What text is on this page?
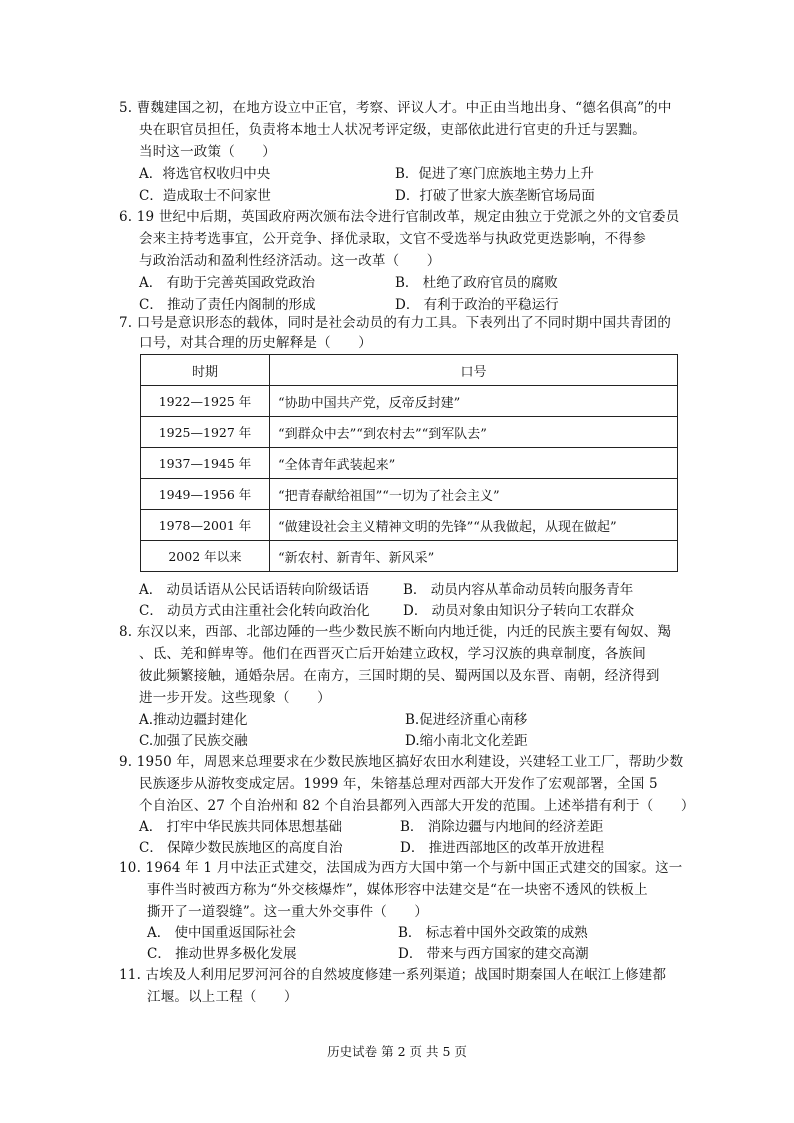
5. 曹魏建国之初，在地方设立中正官，考察、评议人才。中正由当地出身、“德名俱高”的中
央在职官员担任，负责将本地士人状况考评定级，吏部依此进行官吏的升迁与罢黜。
当时这一政策（　　）
A．将选官权收归中央	B．促进了寒门庶族地主势力上升
C．造成取士不问家世	D．打破了世家大族垄断官场局面
6. 19 世纪中后期，英国政府两次颁布法令进行官制改革，规定由独立于党派之外的文官委员
会来主持考选事宜，公开竞争、择优录取，文官不受选举与执政党更迭影响，不得参
与政治活动和盈利性经济活动。这一改革（　　）
A． 有助于完善英国政党政治	B． 杜绝了政府官员的腐败
C． 推动了责任内阁制的形成	D． 有利于政治的平稳运行
7. 口号是意识形态的载体，同时是社会动员的有力工具。下表列出了不同时期中国共青团的
口号，对其合理的历史解释是（　　）
时期	口号
1922—1925 年	“协助中国共产党，反帝反封建”
1925—1927 年	“到群众中去”“到农村去”“到军队去”
1937—1945 年	“全体青年武装起来”
1949—1956 年	“把青春献给祖国”“一切为了社会主义”
1978—2001 年	“做建设社会主义精神文明的先锋”“从我做起，从现在做起”
2002 年以来	“新农村、新青年、新风采”
A． 动员话语从公民话语转向阶级话语	B． 动员内容从革命动员转向服务青年
C． 动员方式由注重社会化转向政治化 D． 动员对象由知识分子转向工农群众
8. 东汉以来，西部、北部边陲的一些少数民族不断向内地迁徙，内迁的民族主要有匈奴、羯
、氐、羌和鲜卑等。他们在西晋灭亡后开始建立政权，学习汉族的典章制度，各族间
彼此频繁接触，通婚杂居。在南方，三国时期的吴、蜀两国以及东晋、南朝，经济得到
进一步开发。这些现象（　　）
A.推动边疆封建化	B.促进经济重心南移
C.加强了民族交融	D.缩小南北文化差距
9. 1950 年，周恩来总理要求在少数民族地区搞好农田水利建设，兴建轻工业工厂，帮助少数
民族逐步从游牧变成定居。1999 年，朱镕基总理对西部大开发作了宏观部署，全国 5
个自治区、27 个自治州和 82 个自治县都列入西部大开发的范围。上述举措有利于（　　）
A． 打牢中华民族共同体思想基础	B． 消除边疆与内地间的经济差距
C． 保障少数民族地区的高度自治	D． 推进西部地区的改革开放进程
10. 1964 年 1 月中法正式建交，法国成为西方大国中第一个与新中国正式建交的国家。这一
事件当时被西方称为“外交核爆炸”，媒体形容中法建交是“在一块密不透风的铁板上
撕开了一道裂缝”。这一重大外交事件（　　）
A． 使中国重返国际社会	B． 标志着中国外交政策的成熟
C． 推动世界多极化发展	D． 带来与西方国家的建交高潮
11. 古埃及人利用尼罗河河谷的自然坡度修建一系列渠道；战国时期秦国人在岷江上修建都
江堰。以上工程（　　）
历史试卷 第 2 页 共 5 页
